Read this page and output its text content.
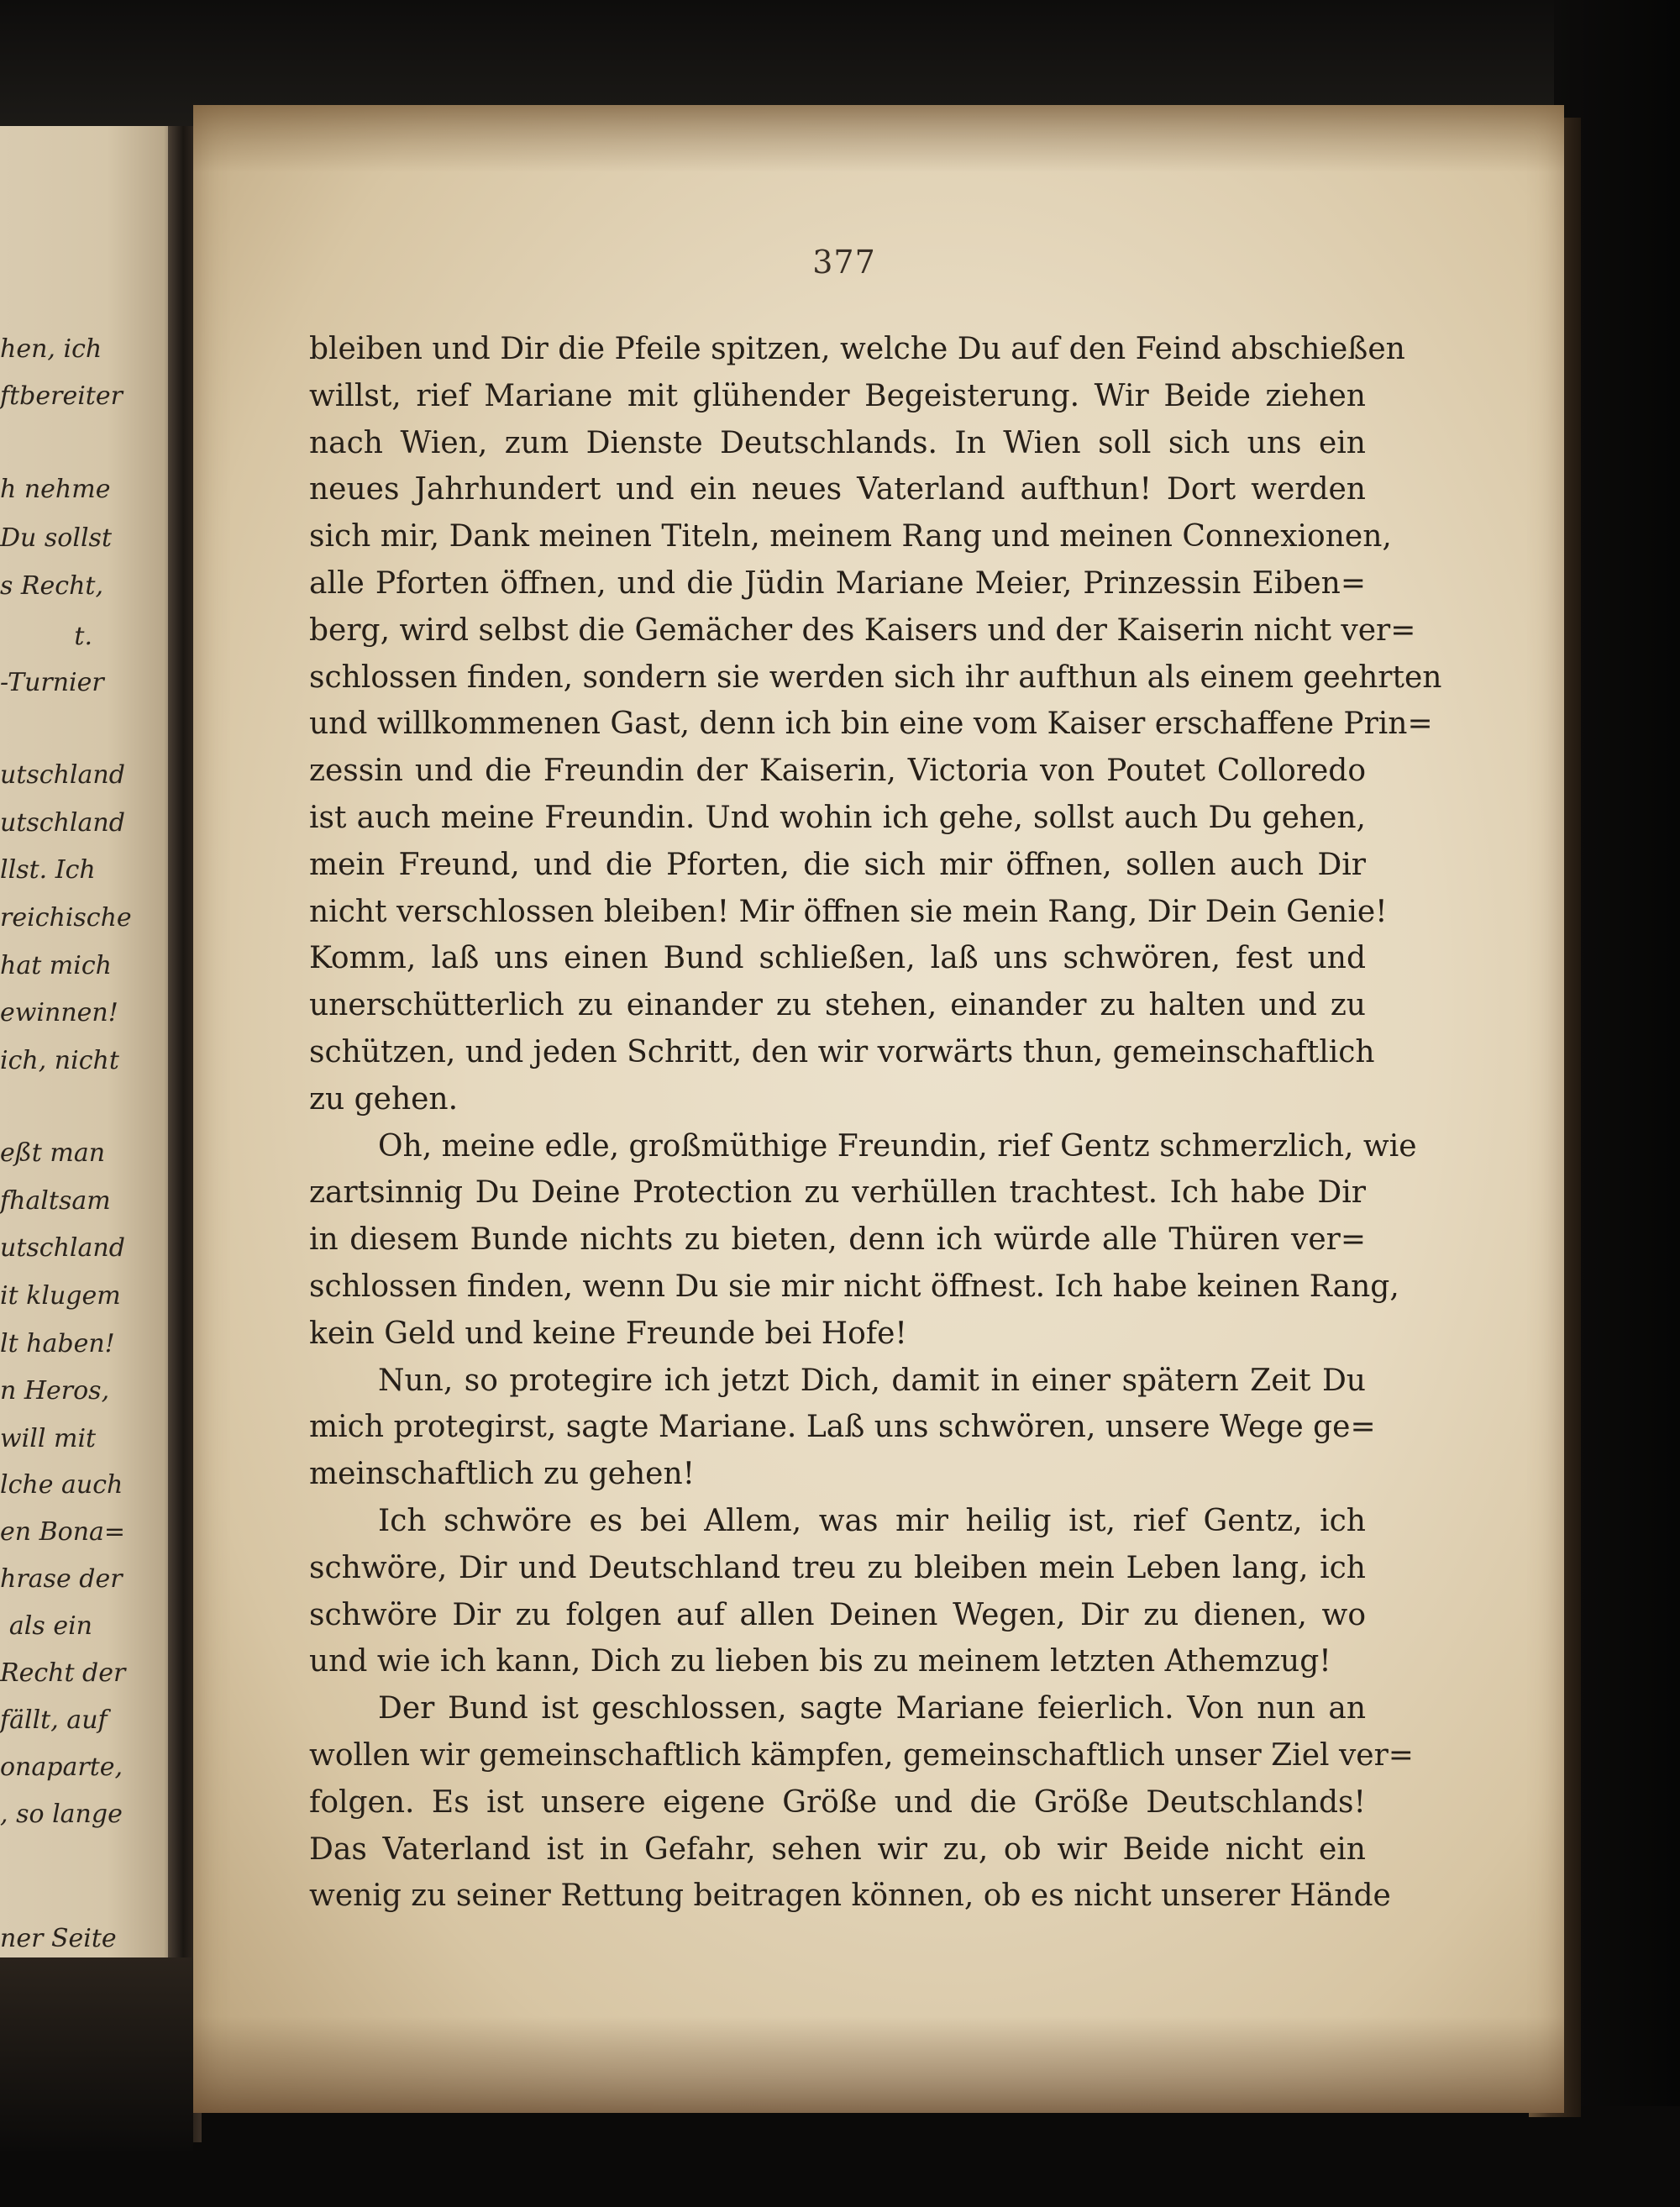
hen, ich
ftbereiter
h nehme
Du sollst
s Recht,
t.
-Turnier
utschland
utschland
llst. Ich
reichische
hat mich
ewinnen!
ich, nicht
eßt man
fhaltsam
utschland
it klugem
lt haben!
n Heros,
will mit
lche auch
en Bona=
hrase der
als ein
Recht der
fällt, auf
onaparte,
, so lange
ner Seite
377
bleiben und Dir die Pfeile spitzen, welche Du auf den Feind abschießen
willst, rief Mariane mit glühender Begeisterung. Wir Beide ziehen
nach Wien, zum Dienste Deutschlands. In Wien soll sich uns ein
neues Jahrhundert und ein neues Vaterland aufthun! Dort werden
sich mir, Dank meinen Titeln, meinem Rang und meinen Connexionen,
alle Pforten öffnen, und die Jüdin Mariane Meier, Prinzessin Eiben=
berg, wird selbst die Gemächer des Kaisers und der Kaiserin nicht ver=
schlossen finden, sondern sie werden sich ihr aufthun als einem geehrten
und willkommenen Gast, denn ich bin eine vom Kaiser erschaffene Prin=
zessin und die Freundin der Kaiserin, Victoria von Poutet Colloredo
ist auch meine Freundin. Und wohin ich gehe, sollst auch Du gehen,
mein Freund, und die Pforten, die sich mir öffnen, sollen auch Dir
nicht verschlossen bleiben! Mir öffnen sie mein Rang, Dir Dein Genie!
Komm, laß uns einen Bund schließen, laß uns schwören, fest und
unerschütterlich zu einander zu stehen, einander zu halten und zu
schützen, und jeden Schritt, den wir vorwärts thun, gemeinschaftlich
zu gehen.
Oh, meine edle, großmüthige Freundin, rief Gentz schmerzlich, wie
zartsinnig Du Deine Protection zu verhüllen trachtest. Ich habe Dir
in diesem Bunde nichts zu bieten, denn ich würde alle Thüren ver=
schlossen finden, wenn Du sie mir nicht öffnest. Ich habe keinen Rang,
kein Geld und keine Freunde bei Hofe!
Nun, so protegire ich jetzt Dich, damit in einer spätern Zeit Du
mich protegirst, sagte Mariane. Laß uns schwören, unsere Wege ge=
meinschaftlich zu gehen!
Ich schwöre es bei Allem, was mir heilig ist, rief Gentz, ich
schwöre, Dir und Deutschland treu zu bleiben mein Leben lang, ich
schwöre Dir zu folgen auf allen Deinen Wegen, Dir zu dienen, wo
und wie ich kann, Dich zu lieben bis zu meinem letzten Athemzug!
Der Bund ist geschlossen, sagte Mariane feierlich. Von nun an
wollen wir gemeinschaftlich kämpfen, gemeinschaftlich unser Ziel ver=
folgen. Es ist unsere eigene Größe und die Größe Deutschlands!
Das Vaterland ist in Gefahr, sehen wir zu, ob wir Beide nicht ein
wenig zu seiner Rettung beitragen können, ob es nicht unserer Hände
